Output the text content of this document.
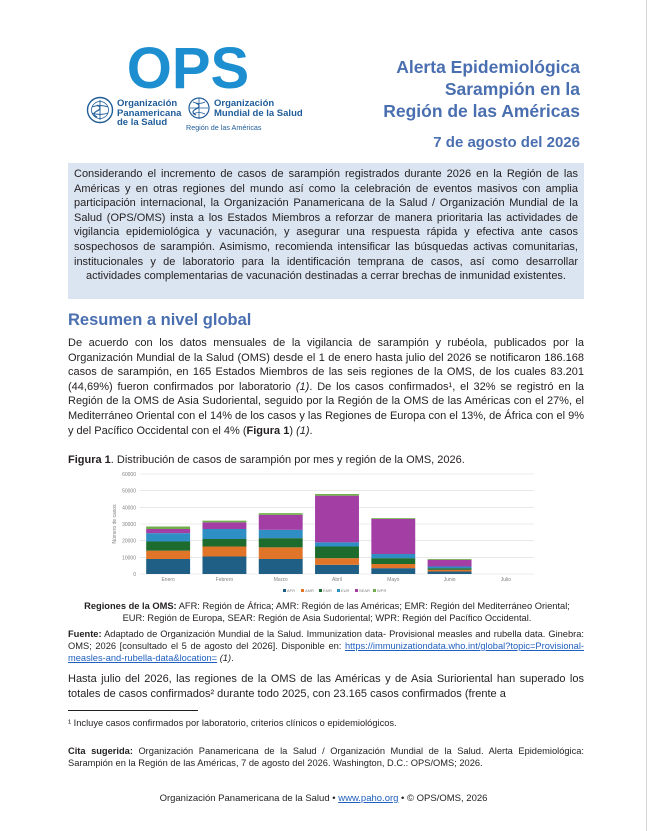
OPS
Organización
Panamericana
de la Salud
Organización
Mundial de la Salud
Región de las Américas
Alerta Epidemiológica
Sarampión en la
Región de las Américas
7 de agosto del 2026
Considerando el incremento de casos de sarampión registrados durante 2026 en la Región de las Américas y en otras regiones del mundo así como la celebración de eventos masivos con amplia participación internacional, la Organización Panamericana de la Salud / Organización Mundial de la Salud (OPS/OMS) insta a los Estados Miembros a reforzar de manera prioritaria las actividades de vigilancia epidemiológica y vacunación, y asegurar una respuesta rápida y efectiva ante casos sospechosos de sarampión. Asimismo, recomienda intensificar las búsquedas activas comunitarias, institucionales y de laboratorio para la identificación temprana de casos, así como desarrollar actividades complementarias de vacunación destinadas a cerrar brechas de inmunidad existentes.
Resumen a nivel global
De acuerdo con los datos mensuales de la vigilancia de sarampión y rubéola, publicados por la Organización Mundial de la Salud (OMS) desde el 1 de enero hasta julio del 2026 se notificaron 186.168 casos de sarampión, en 165 Estados Miembros de las seis regiones de la OMS, de los cuales 83.201 (44,69%) fueron confirmados por laboratorio (1). De los casos confirmados¹, el 32% se registró en la Región de la OMS de Asia Sudoriental, seguido por la Región de la OMS de las Américas con el 27%, el Mediterráneo Oriental con el 14% de los casos y las Regiones de Europa con el 13%, de África con el 9% y del Pacífico Occidental con el 4% (Figura 1) (1).
Figura 1. Distribución de casos de sarampión por mes y región de la OMS, 2026.
0
10000
20000
30000
40000
50000
60000
Número de casos
Enero	Febrero	Marzo	Abril	Mayo	Junio	Julio
AFR	AMR EMR EUR SEAR WPR
Regiones de la OMS: AFR: Región de África; AMR: Región de las Américas; EMR: Región del Mediterráneo Oriental; EUR: Región de Europa, SEAR: Región de Asia Sudoriental; WPR: Región del Pacífico Occidental.
Fuente: Adaptado de Organización Mundial de la Salud. Immunization data- Provisional measles and rubella data. Ginebra: OMS; 2026 [consultado el 5 de agosto del 2026]. Disponible en: https://immunizationdata.who.int/global?topic=Provisional-measles-and-rubella-data&location= (1).
Hasta julio del 2026, las regiones de la OMS de las Américas y de Asia Surioriental han superado los totales de casos confirmados² durante todo 2025, con 23.165 casos confirmados (frente a
¹ Incluye casos confirmados por laboratorio, criterios clínicos o epidemiológicos.
Cita sugerida: Organización Panamericana de la Salud / Organización Mundial de la Salud. Alerta Epidemiológica: Sarampión en la Región de las Américas, 7 de agosto del 2026. Washington, D.C.: OPS/OMS; 2026.
Organización Panamericana de la Salud • www.paho.org • © OPS/OMS, 2026
